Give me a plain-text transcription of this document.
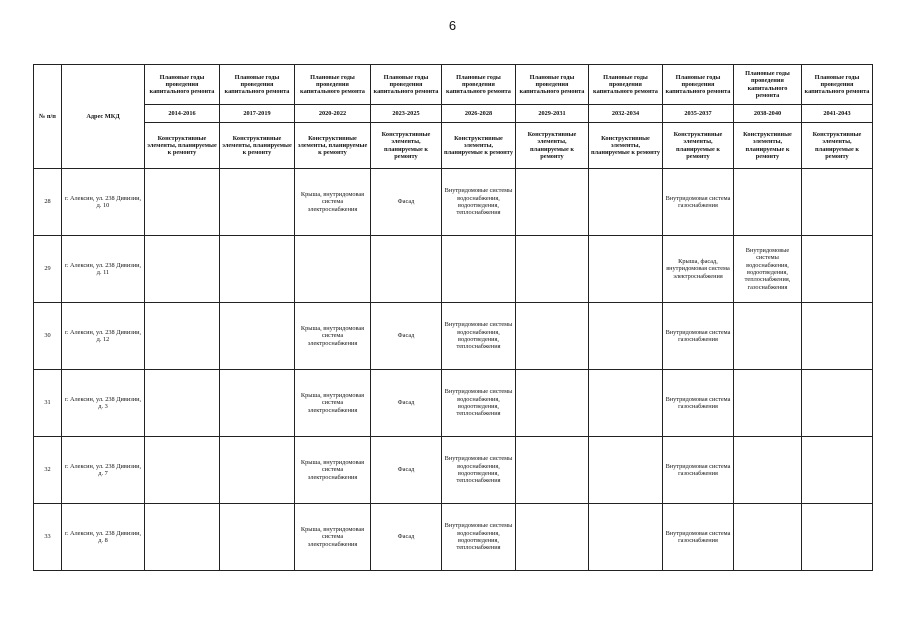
6
№ п/п	Адрес МКД	Плановые годы проведения капитального ремонта	Плановые годы проведения капитального ремонта	Плановые годы проведения капитального ремонта	Плановые годы проведения капитального ремонта	Плановые годы проведения капитального ремонта	Плановые годы проведения капитального ремонта	Плановые годы проведения капитального ремонта	Плановые годы проведения капитального ремонта	Плановые годы проведения капитального ремонта	Плановые годы проведения капитального ремонта
		2014-2016	2017-2019	2020-2022	2023-2025	2026-2028	2029-2031	2032-2034	2035-2037	2038-2040	2041-2043
		Конструктивные элементы, планируемые к ремонту	Конструктивные элементы, планируемые к ремонту	Конструктивные элементы, планируемые к ремонту	Конструктивные элементы, планируемые к ремонту	Конструктивные элементы, планируемые к ремонту	Конструктивные элементы, планируемые к ремонту	Конструктивные элементы, планируемые к ремонту	Конструктивные элементы, планируемые к ремонту	Конструктивные элементы, планируемые к ремонту	Конструктивные элементы, планируемые к ремонту
28	г. Алексин, ул. 238 Дивизии, д. 10			Крыша, внутридомовая система электроснабжения	Фасад	Внутридомовые системы водоснабжения, водоотведения, теплоснабжения			Внутридомовая система газоснабжения		
29	г. Алексин, ул. 238 Дивизии, д. 11								Крыша, фасад, внутридомовая система электроснабжения	Внутридомовые системы водоснабжения, водоотведения, теплоснабжения, газоснабжения	
30	г. Алексин, ул. 238 Дивизии, д. 12			Крыша, внутридомовая система электроснабжения	Фасад	Внутридомовые системы водоснабжения, водоотведения, теплоснабжения			Внутридомовая система газоснабжения		
31	г. Алексин, ул. 238 Дивизии, д. 3			Крыша, внутридомовая система электроснабжения	Фасад	Внутридомовые системы водоснабжения, водоотведения, теплоснабжения			Внутридомовая система газоснабжения		
32	г. Алексин, ул. 238 Дивизии, д. 7			Крыша, внутридомовая система электроснабжения	Фасад	Внутридомовые системы водоснабжения, водоотведения, теплоснабжения			Внутридомовая система газоснабжения		
33	г. Алексин, ул. 238 Дивизии, д. 8			Крыша, внутридомовая система электроснабжения	Фасад	Внутридомовые системы водоснабжения, водоотведения, теплоснабжения			Внутридомовая система газоснабжения		
